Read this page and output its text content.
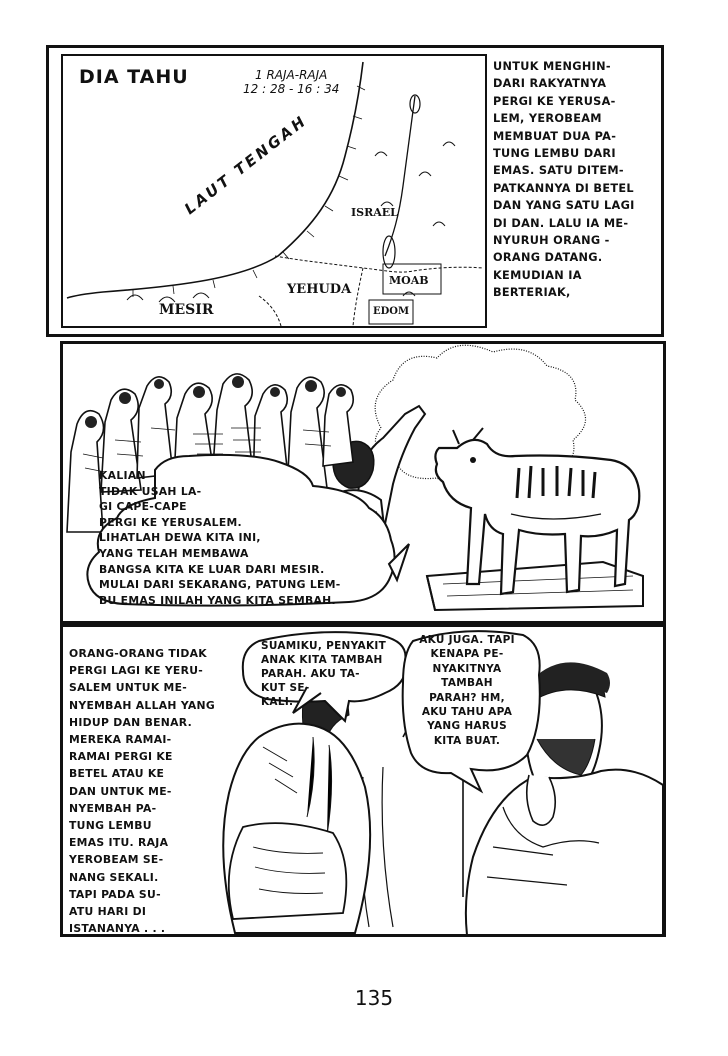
DIA TAHU	1 RAJA-RAJA
12 : 28 - 16 : 34
LAUT TENGAH	ISRAEL
MOAB
YEHUDA
MESIR	EDOM
UNTUK MENGHIN-
DARI RAKYATNYA
PERGI KE YERUSA-
LEM, YEROBEAM
MEMBUAT DUA PA-
TUNG LEMBU DARI
EMAS. SATU DITEM-
PATKANNYA DI BETEL
DAN YANG SATU LAGI
DI DAN. LALU IA ME-
NYURUH ORANG -
ORANG DATANG.
KEMUDIAN IA
BERTERIAK,
KALIAN
TIDAK USAH LA-
GI CAPE-CAPE
PERGI KE YERUSALEM.
LIHATLAH DEWA KITA INI,
YANG TELAH MEMBAWA
BANGSA KITA KE LUAR DARI MESIR.
MULAI DARI SEKARANG, PATUNG LEM-
BU EMAS INILAH YANG KITA SEMBAH.
ORANG-ORANG TIDAK
PERGI LAGI KE YERU-
SALEM UNTUK ME-
NYEMBAH ALLAH YANG
HIDUP DAN BENAR.
MEREKA RAMAI-
RAMAI PERGI KE
BETEL ATAU KE
DAN UNTUK ME-
NYEMBAH PA-
TUNG LEMBU
EMAS ITU. RAJA
YEROBEAM SE-
NANG SEKALI.
TAPI PADA SU-
ATU HARI DI
ISTANANYA . . .
SUAMIKU, PENYAKIT
ANAK KITA TAMBAH
PARAH. AKU TA-
KUT SE-
KALI.
AKU JUGA. TAPI
KENAPA PE-
NYAKITNYA
TAMBAH
PARAH? HM,
AKU TAHU APA
YANG HARUS
KITA BUAT.
135
